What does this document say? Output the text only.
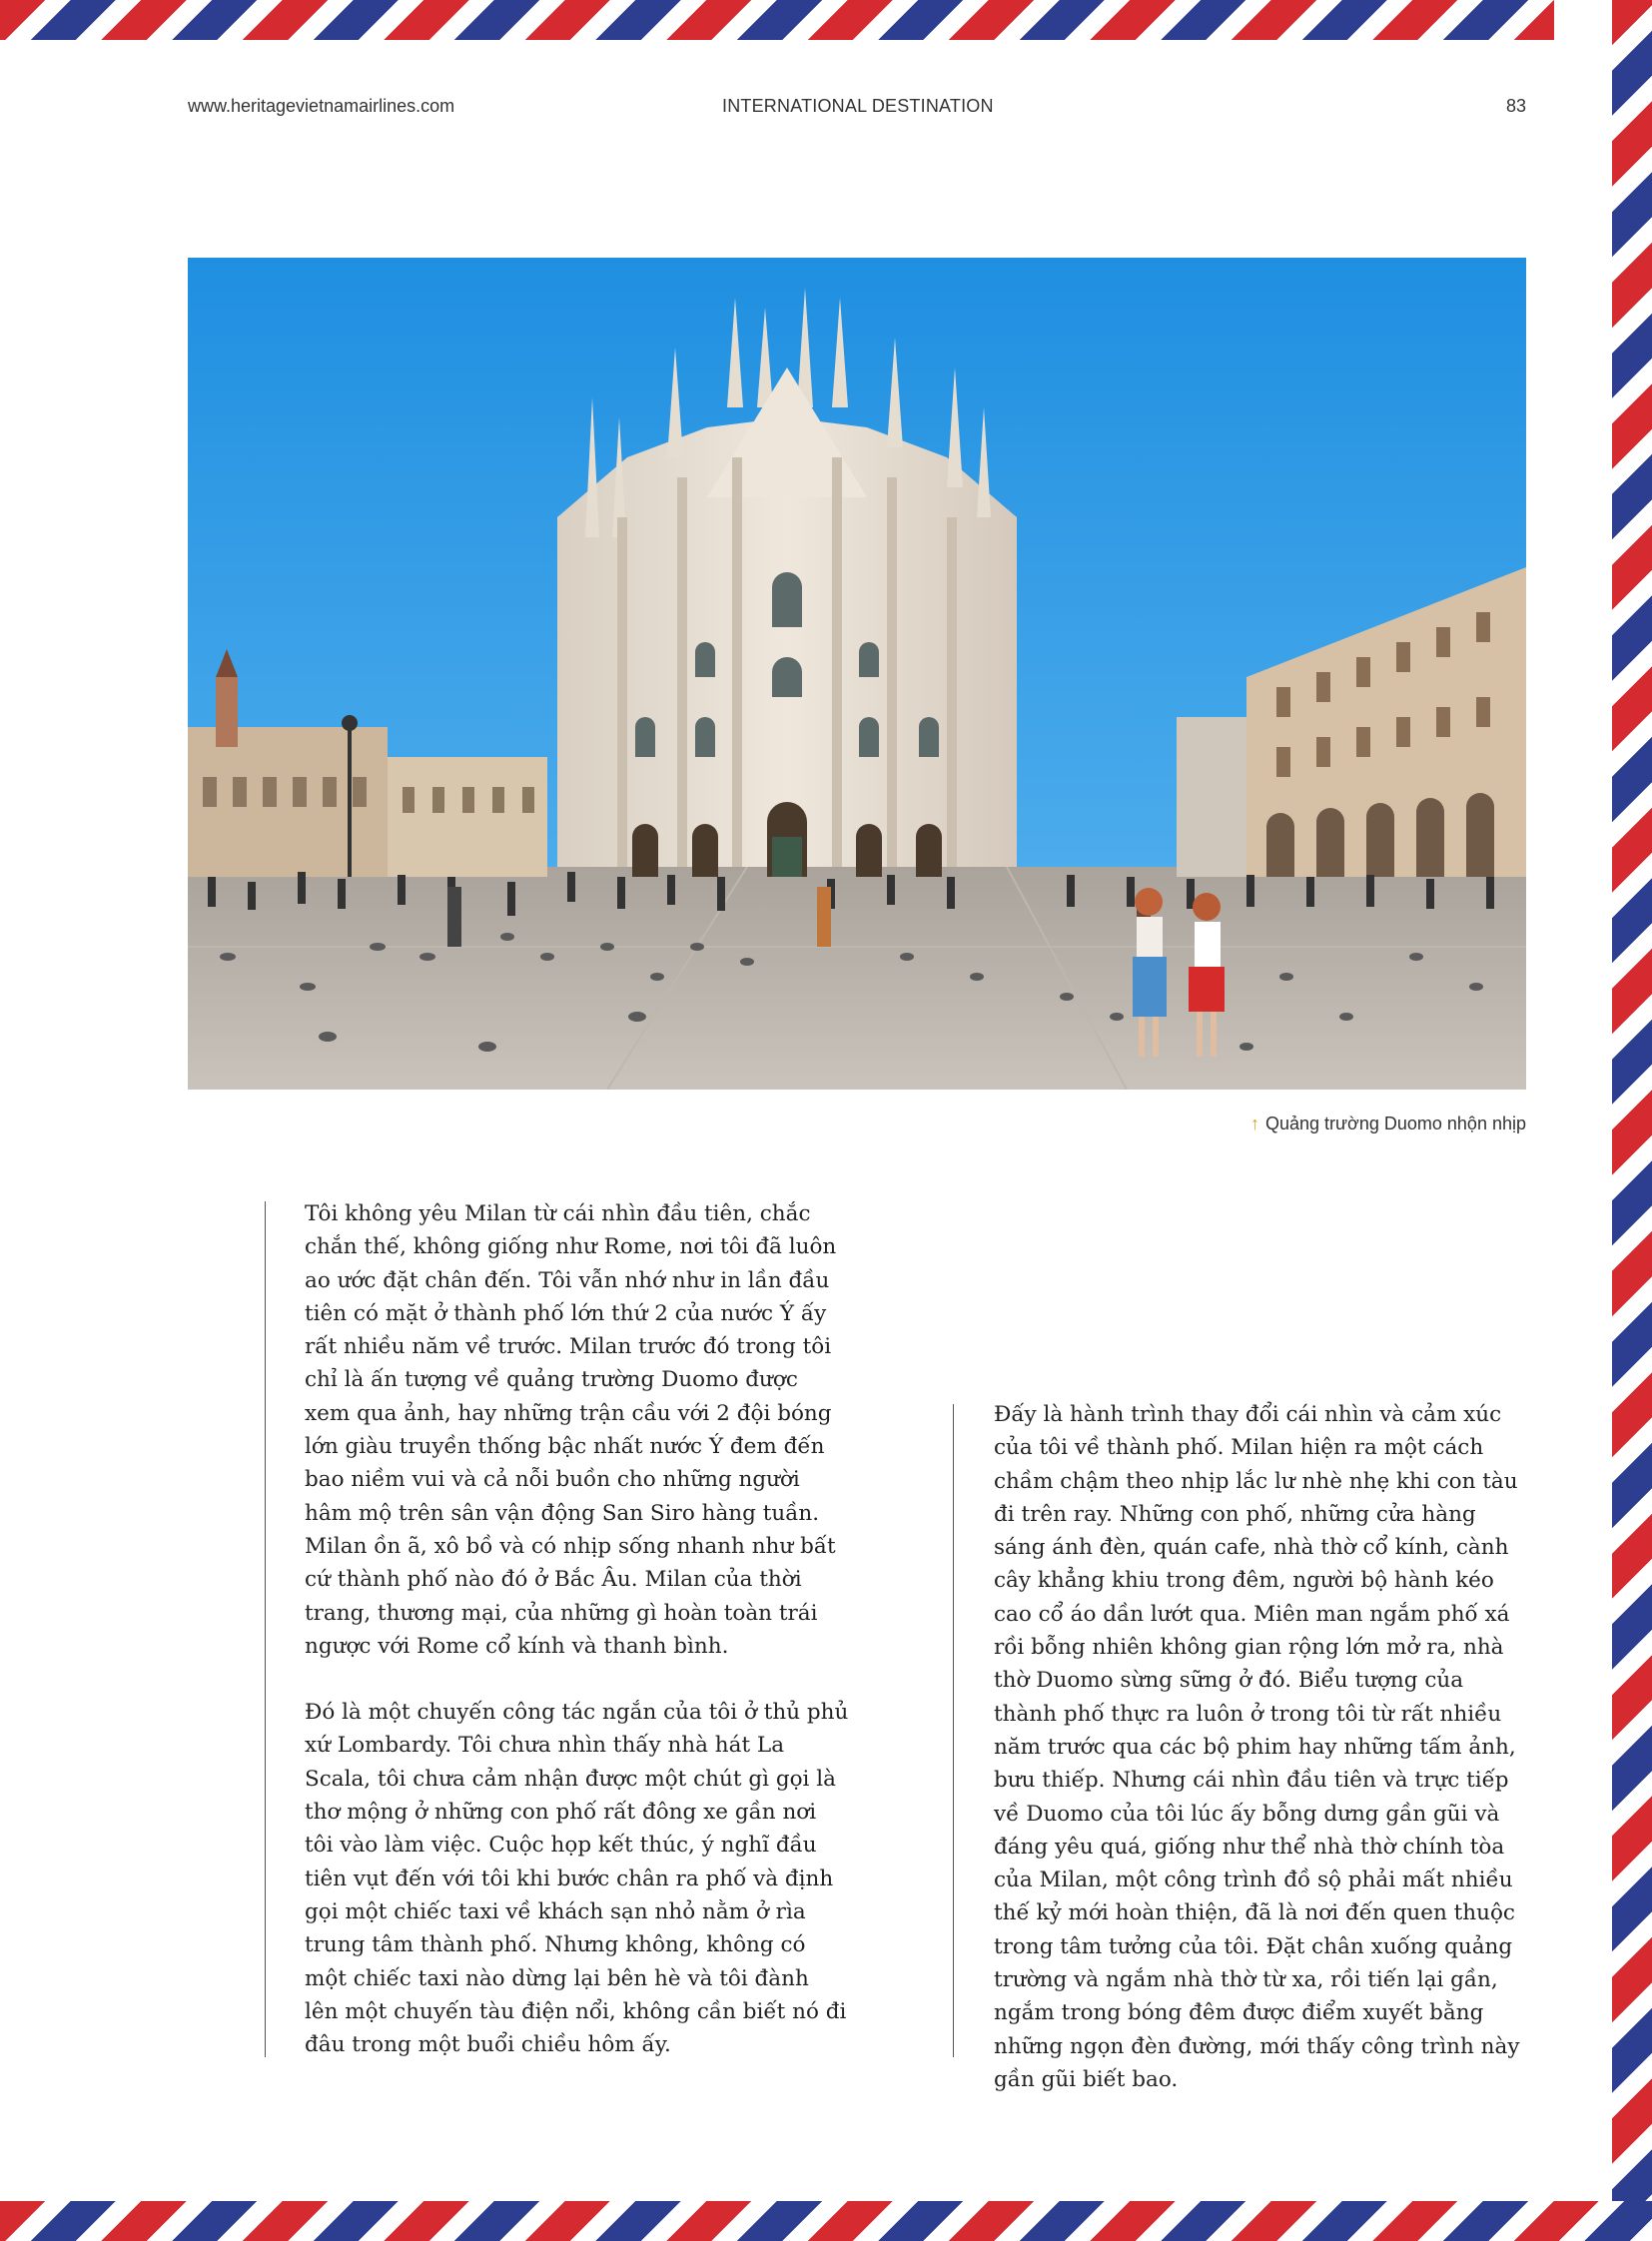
www.heritagevietnamairlines.com	INTERNATIONAL DESTINATION	83
↑ Quảng trường Duomo nhộn nhịp

Tôi không yêu Milan từ cái nhìn đầu tiên, chắc chắn thế, không giống như Rome, nơi tôi đã luôn ao ước đặt chân đến. Tôi vẫn nhớ như in lần đầu tiên có mặt ở thành phố lớn thứ 2 của nước Ý ấy rất nhiều năm về trước. Milan trước đó trong tôi chỉ là ấn tượng về quảng trường Duomo được xem qua ảnh, hay những trận cầu với 2 đội bóng lớn giàu truyền thống bậc nhất nước Ý đem đến bao niềm vui và cả nỗi buồn cho những người hâm mộ trên sân vận động San Siro hàng tuần. Milan ồn ã, xô bồ và có nhịp sống nhanh như bất cứ thành phố nào đó ở Bắc Âu. Milan của thời trang, thương mại, của những gì hoàn toàn trái ngược với Rome cổ kính và thanh bình.

Đó là một chuyến công tác ngắn của tôi ở thủ phủ xứ Lombardy. Tôi chưa nhìn thấy nhà hát La Scala, tôi chưa cảm nhận được một chút gì gọi là thơ mộng ở những con phố rất đông xe gần nơi tôi vào làm việc. Cuộc họp kết thúc, ý nghĩ đầu tiên vụt đến với tôi khi bước chân ra phố và định gọi một chiếc taxi về khách sạn nhỏ nằm ở rìa trung tâm thành phố. Nhưng không, không có một chiếc taxi nào dừng lại bên hè và tôi đành lên một chuyến tàu điện nổi, không cần biết nó đi đâu trong một buổi chiều hôm ấy.

Đấy là hành trình thay đổi cái nhìn và cảm xúc của tôi về thành phố. Milan hiện ra một cách chầm chậm theo nhịp lắc lư nhè nhẹ khi con tàu đi trên ray. Những con phố, những cửa hàng sáng ánh đèn, quán cafe, nhà thờ cổ kính, cành cây khẳng khiu trong đêm, người bộ hành kéo cao cổ áo dần lướt qua. Miên man ngắm phố xá rồi bỗng nhiên không gian rộng lớn mở ra, nhà thờ Duomo sừng sững ở đó. Biểu tượng của thành phố thực ra luôn ở trong tôi từ rất nhiều năm trước qua các bộ phim hay những tấm ảnh, bưu thiếp. Nhưng cái nhìn đầu tiên và trực tiếp về Duomo của tôi lúc ấy bỗng dưng gần gũi và đáng yêu quá, giống như thể nhà thờ chính tòa của Milan, một công trình đồ sộ phải mất nhiều thế kỷ mới hoàn thiện, đã là nơi đến quen thuộc trong tâm tưởng của tôi. Đặt chân xuống quảng trường và ngắm nhà thờ từ xa, rồi tiến lại gần, ngắm trong bóng đêm được điểm xuyết bằng những ngọn đèn đường, mới thấy công trình này gần gũi biết bao.
